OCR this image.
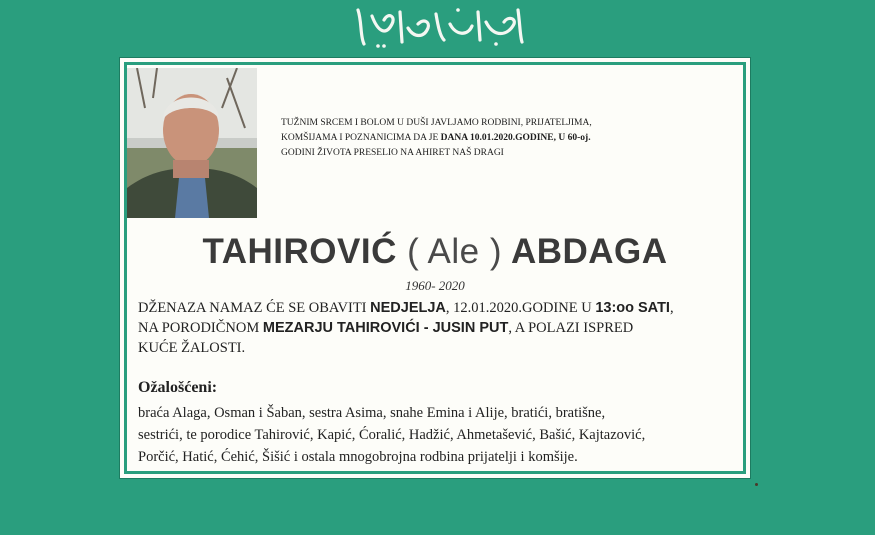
TUŽNIM SRCEM I BOLOM U DUŠI JAVLJAMO RODBINI, PRIJATELJIMA,
KOMŠIJAMA I POZNANICIMA DA JE DANA 10.01.2020.GODINE, U 60-oj.
GODINI ŽIVOTA PRESELIO NA AHIRET NAŠ DRAGI
TAHIROVIĆ ( Ale ) ABDAGA
1960- 2020
DŽENAZA NAMAZ ĆE SE OBAVITI NEDJELJA, 12.01.2020.GODINE U 13:oo SATI,
NA PORODIČNOM MEZARJU TAHIROVIĆI - JUSIN PUT, A POLAZI ISPRED
KUĆE ŽALOSTI.
Ožalošćeni:
braća Alaga, Osman i Šaban, sestra Asima, snahe Emina i Alije, bratići, bratišne,
sestrići, te porodice Tahirović, Kapić, Ćoralić, Hadžić, Ahmetašević, Bašić, Kajtazović,
Porčić, Hatić, Ćehić, Šišić i ostala mnogobrojna rodbina prijatelji i komšije.
